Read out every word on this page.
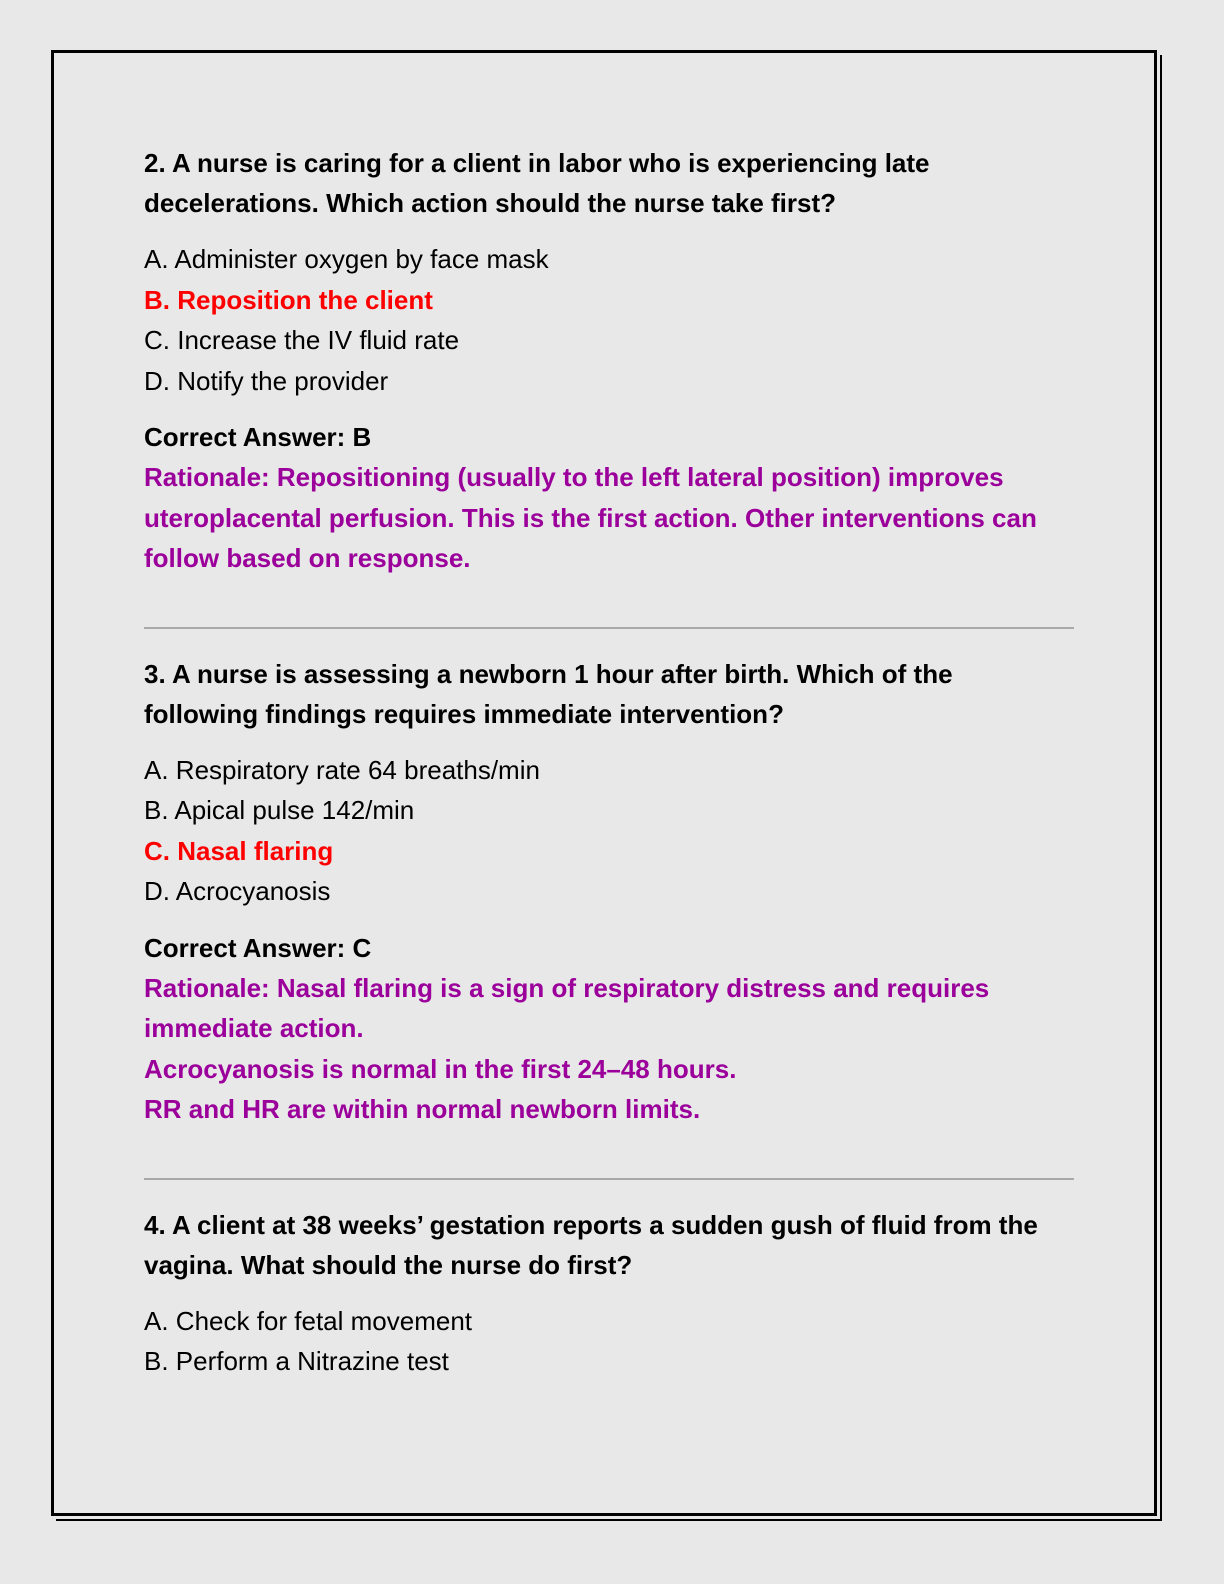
2. A nurse is caring for a client in labor who is experiencing late decelerations. Which action should the nurse take first?
A. Administer oxygen by face mask
B. Reposition the client
C. Increase the IV fluid rate
D. Notify the provider
Correct Answer: B
Rationale: Repositioning (usually to the left lateral position) improves uteroplacental perfusion. This is the first action. Other interventions can follow based on response.
3. A nurse is assessing a newborn 1 hour after birth. Which of the following findings requires immediate intervention?
A. Respiratory rate 64 breaths/min
B. Apical pulse 142/min
C. Nasal flaring
D. Acrocyanosis
Correct Answer: C
Rationale: Nasal flaring is a sign of respiratory distress and requires immediate action.
Acrocyanosis is normal in the first 24–48 hours.
RR and HR are within normal newborn limits.
4. A client at 38 weeks’ gestation reports a sudden gush of fluid from the vagina. What should the nurse do first?
A. Check for fetal movement
B. Perform a Nitrazine test
